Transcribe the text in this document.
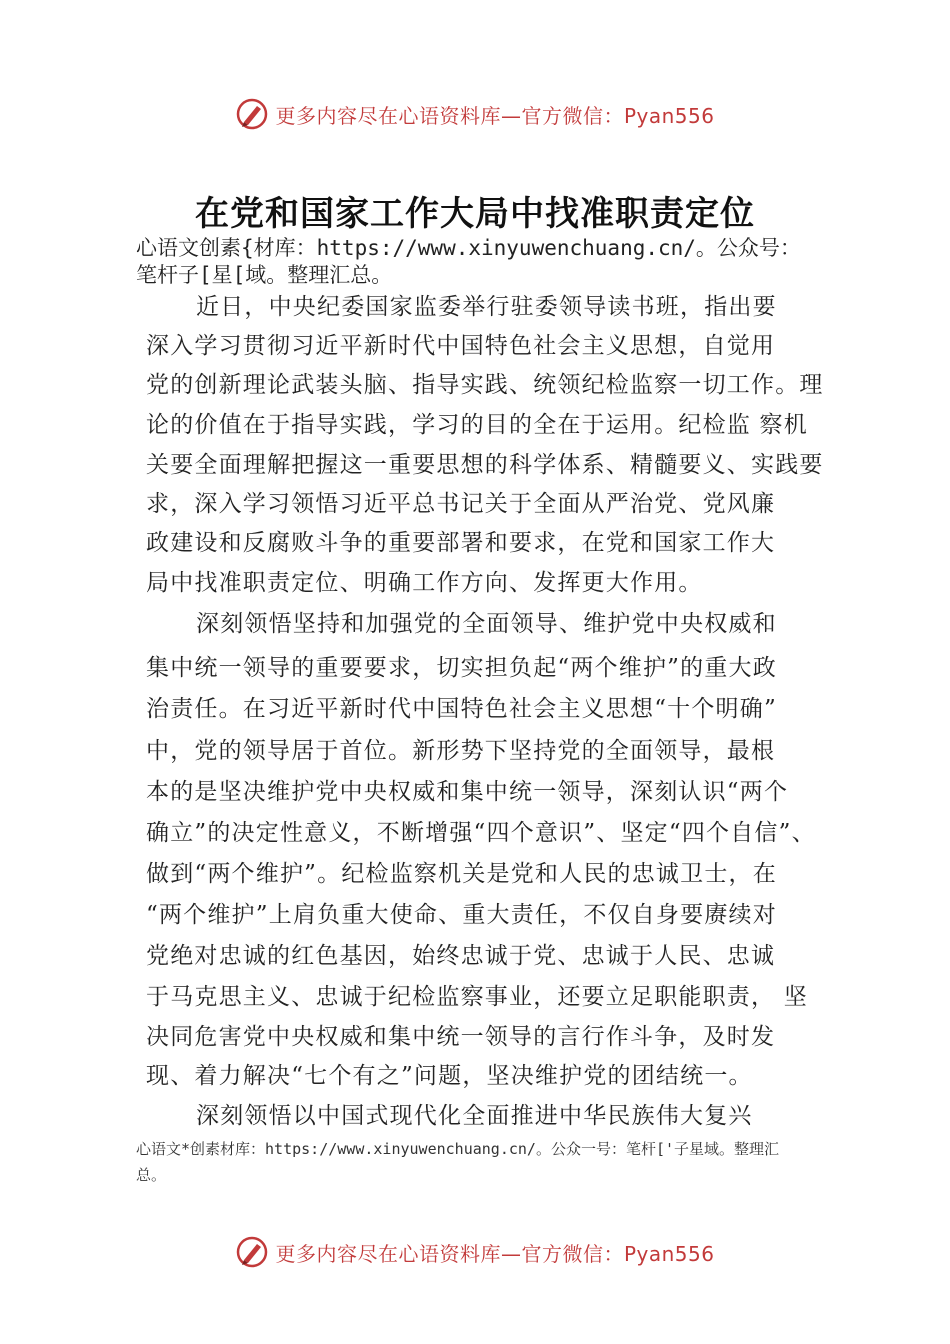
更多内容尽在心语资料库—官方微信：Pyan556
在党和国家工作大局中找准职责定位
心语文创素{材库：https://www.xinyuwenchuang.cn/。公众号：
笔杆子[星[域。整理汇总。
近日，中央纪委国家监委举行驻委领导读书班，指出要
深入学习贯彻习近平新时代中国特色社会主义思想，自觉用
党的创新理论武装头脑、指导实践、统领纪检监察一切工作。理
论的价值在于指导实践，学习的目的全在于运用。纪检监 察机
关要全面理解把握这一重要思想的科学体系、精髓要义、实践要
求，深入学习领悟习近平总书记关于全面从严治党、党风廉
政建设和反腐败斗争的重要部署和要求，在党和国家工作大
局中找准职责定位、明确工作方向、发挥更大作用。
深刻领悟坚持和加强党的全面领导、维护党中央权威和
集中统一领导的重要要求，切实担负起“两个维护”的重大政
治责任。在习近平新时代中国特色社会主义思想“十个明确”
中，党的领导居于首位。新形势下坚持党的全面领导，最根
本的是坚决维护党中央权威和集中统一领导，深刻认识“两个
确立”的决定性意义，不断增强“四个意识”、坚定“四个自信”、
做到“两个维护”。纪检监察机关是党和人民的忠诚卫士，在
“两个维护”上肩负重大使命、重大责任，不仅自身要赓续对
党绝对忠诚的红色基因，始终忠诚于党、忠诚于人民、忠诚
于马克思主义、忠诚于纪检监察事业，还要立足职能职责， 坚
决同危害党中央权威和集中统一领导的言行作斗争，及时发
现、着力解决“七个有之”问题，坚决维护党的团结统一。
深刻领悟以中国式现代化全面推进中华民族伟大复兴
心语文*创素材库：https://www.xinyuwenchuang.cn/。公众一号：笔杆['子星域。整理汇
总。
更多内容尽在心语资料库—官方微信：Pyan556
